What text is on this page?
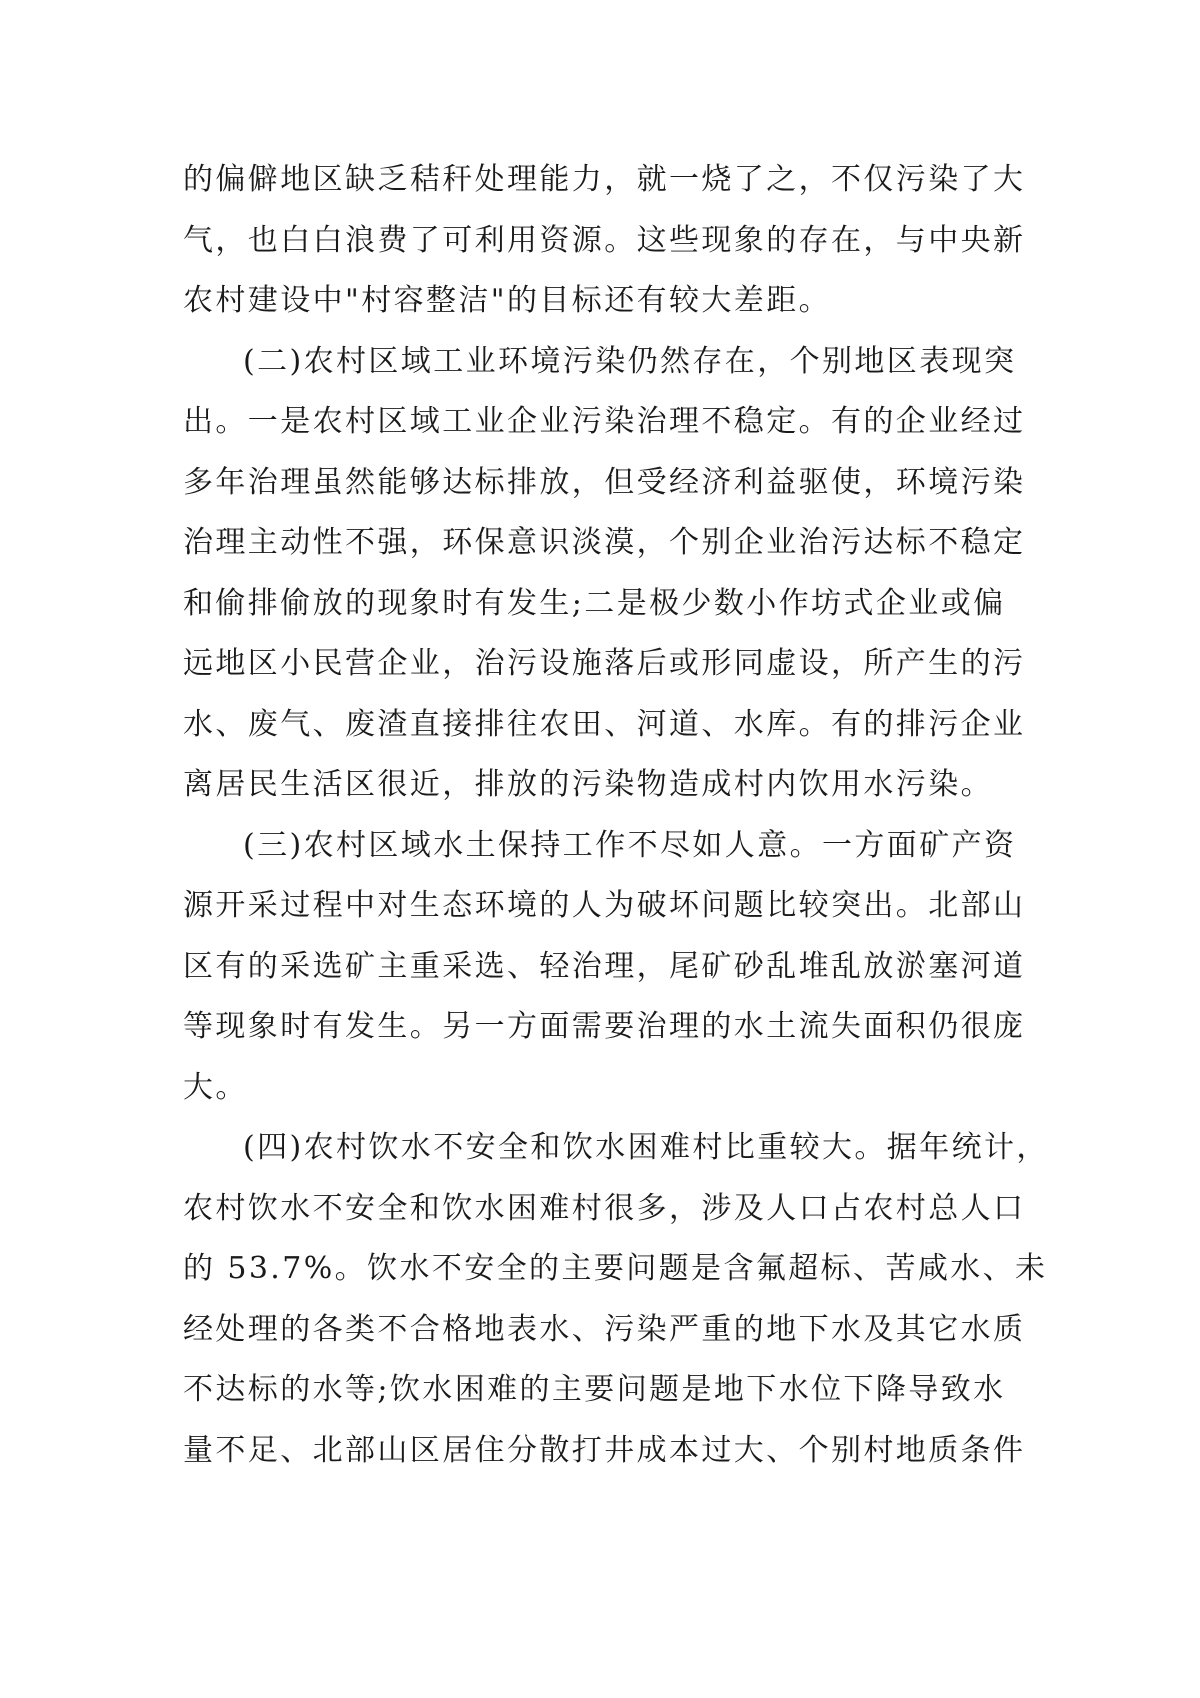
的偏僻地区缺乏秸秆处理能力，就一烧了之，不仅污染了大
气，也白白浪费了可利用资源。这些现象的存在，与中央新
农村建设中"村容整洁"的目标还有较大差距。
(二)农村区域工业环境污染仍然存在，个别地区表现突
出。一是农村区域工业企业污染治理不稳定。有的企业经过
多年治理虽然能够达标排放，但受经济利益驱使，环境污染
治理主动性不强，环保意识淡漠，个别企业治污达标不稳定
和偷排偷放的现象时有发生;二是极少数小作坊式企业或偏
远地区小民营企业，治污设施落后或形同虚设，所产生的污
水、废气、废渣直接排往农田、河道、水库。有的排污企业
离居民生活区很近，排放的污染物造成村内饮用水污染。
(三)农村区域水土保持工作不尽如人意。一方面矿产资
源开采过程中对生态环境的人为破坏问题比较突出。北部山
区有的采选矿主重采选、轻治理，尾矿砂乱堆乱放淤塞河道
等现象时有发生。另一方面需要治理的水土流失面积仍很庞
大。
(四)农村饮水不安全和饮水困难村比重较大。据年统计，
农村饮水不安全和饮水困难村很多，涉及人口占农村总人口
的 53.7%。饮水不安全的主要问题是含氟超标、苦咸水、未
经处理的各类不合格地表水、污染严重的地下水及其它水质
不达标的水等;饮水困难的主要问题是地下水位下降导致水
量不足、北部山区居住分散打井成本过大、个别村地质条件
